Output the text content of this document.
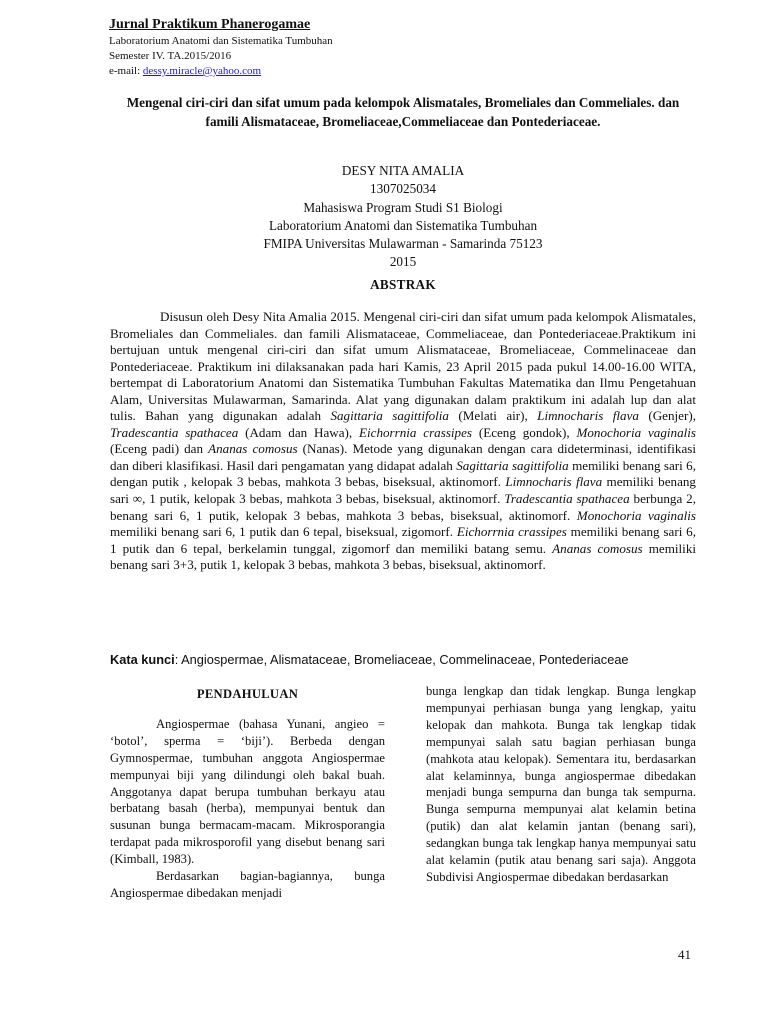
Jurnal Praktikum Phanerogamae
Laboratorium Anatomi dan Sistematika Tumbuhan
Semester IV. TA.2015/2016
e-mail: dessy.miracle@yahoo.com
Mengenal ciri-ciri dan sifat umum pada kelompok Alismatales, Bromeliales dan Commeliales. dan famili Alismataceae, Bromeliaceae,Commeliaceae dan Pontederiaceae.
DESY NITA AMALIA
1307025034
Mahasiswa Program Studi S1 Biologi
Laboratorium Anatomi dan Sistematika Tumbuhan
FMIPA Universitas Mulawarman - Samarinda 75123
2015
ABSTRAK

Disusun oleh Desy Nita Amalia 2015. Mengenal ciri-ciri dan sifat umum pada kelompok Alismatales, Bromeliales dan Commeliales. dan famili Alismataceae, Commeliaceae, dan Pontederiaceae.Praktikum ini bertujuan untuk mengenal ciri-ciri dan sifat umum Alismataceae, Bromeliaceae, Commelinaceae dan Pontederiaceae. Praktikum ini dilaksanakan pada hari Kamis, 23 April 2015 pada pukul 14.00-16.00 WITA, bertempat di Laboratorium Anatomi dan Sistematika Tumbuhan Fakultas Matematika dan Ilmu Pengetahuan Alam, Universitas Mulawarman, Samarinda. Alat yang digunakan dalam praktikum ini adalah lup dan alat tulis. Bahan yang digunakan adalah Sagittaria sagittifolia (Melati air), Limnocharis flava (Genjer), Tradescantia spathacea (Adam dan Hawa), Eichorrnia crassipes (Eceng gondok), Monochoria vaginalis (Eceng padi) dan Ananas comosus (Nanas). Metode yang digunakan dengan cara dideterminasi, identifikasi dan diberi klasifikasi. Hasil dari pengamatan yang didapat adalah Sagittaria sagittifolia memiliki benang sari 6, dengan putik , kelopak 3 bebas, mahkota 3 bebas, biseksual, aktinomorf. Limnocharis flava memiliki benang sari ∞, 1 putik, kelopak 3 bebas, mahkota 3 bebas, biseksual, aktinomorf. Tradescantia spathacea berbunga 2, benang sari 6, 1 putik, kelopak 3 bebas, mahkota 3 bebas, biseksual, aktinomorf. Monochoria vaginalis memiliki benang sari 6, 1 putik dan 6 tepal, biseksual, zigomorf. Eichorrnia crassipes memiliki benang sari 6, 1 putik dan 6 tepal, berkelamin tunggal, zigomorf dan memiliki batang semu. Ananas comosus memiliki benang sari 3+3, putik 1, kelopak 3 bebas, mahkota 3 bebas, biseksual, aktinomorf.

Kata kunci: Angiospermae, Alismataceae, Bromeliaceae, Commelinaceae, Pontederiaceae
PENDAHULUAN

Angiospermae (bahasa Yunani, angieo = ‘botol’, sperma = ‘biji’). Berbeda dengan Gymnospermae, tumbuhan anggota Angiospermae mempunyai biji yang dilindungi oleh bakal buah. Anggotanya dapat berupa tumbuhan berkayu atau berbatang basah (herba), mempunyai bentuk dan susunan bunga bermacam-macam. Mikrosporangia terdapat pada mikrosporofil yang disebut benang sari (Kimball, 1983).

Berdasarkan bagian-bagiannya, bunga Angiospermae dibedakan menjadi

bunga lengkap dan tidak lengkap. Bunga lengkap mempunyai perhiasan bunga yang lengkap, yaitu kelopak dan mahkota. Bunga tak lengkap tidak mempunyai salah satu bagian perhiasan bunga (mahkota atau kelopak). Sementara itu, berdasarkan alat kelaminnya, bunga angiospermae dibedakan menjadi bunga sempurna dan bunga tak sempurna. Bunga sempurna mempunyai alat kelamin betina (putik) dan alat kelamin jantan (benang sari), sedangkan bunga tak lengkap hanya mempunyai satu alat kelamin (putik atau benang sari saja). Anggota Subdivisi Angiospermae dibedakan berdasarkan

41
